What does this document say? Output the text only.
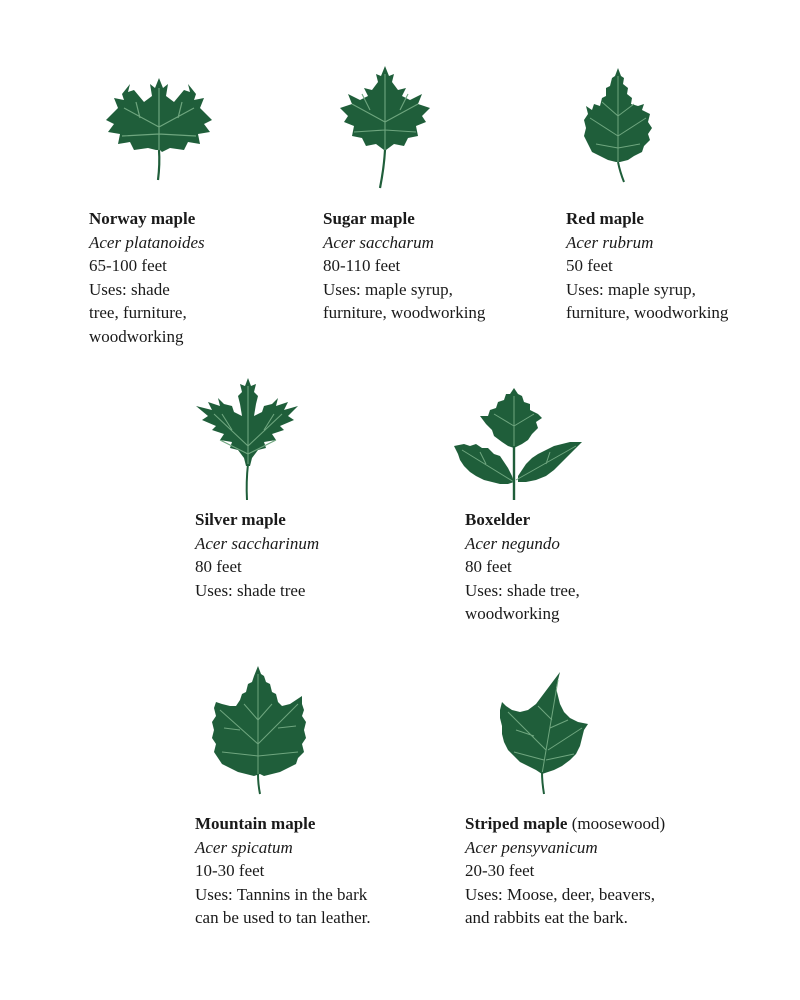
Norway maple
Acer platanoides
65-100 feet
Uses: shade
tree, furniture,
woodworking
Sugar maple
Acer saccharum
80-110 feet
Uses: maple syrup,
furniture, woodworking
Red maple
Acer rubrum
50 feet
Uses: maple syrup,
furniture, woodworking
Silver maple
Acer saccharinum
80 feet
Uses: shade tree
Boxelder
Acer negundo
80 feet
Uses: shade tree,
woodworking
Mountain maple
Acer spicatum
10-30 feet
Uses: Tannins in the bark
can be used to tan leather.
Striped maple (moosewood)
Acer pensyvanicum
20-30 feet
Uses: Moose, deer, beavers,
and rabbits eat the bark.
